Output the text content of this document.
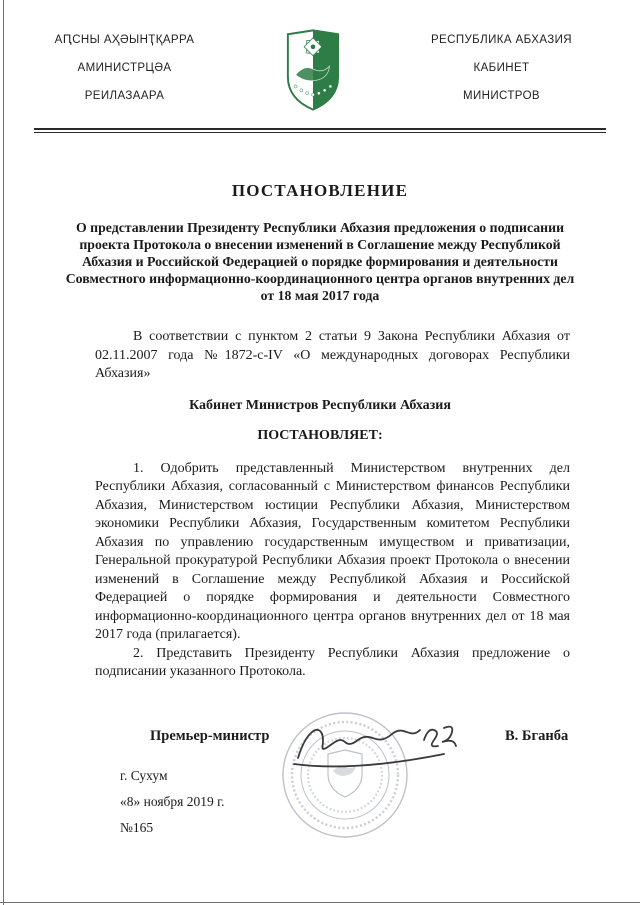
АԤСНЫ АҲӘЫНҬҚАРРА
АМИНИСТРЦӘА
РЕИЛАЗААРА
РЕСПУБЛИКА АБХАЗИЯ
КАБИНЕТ
МИНИСТРОВ
ПОСТАНОВЛЕНИЕ
О представлении Президенту Республики Абхазия предложения о подписании проекта Протокола о внесении изменений в Соглашение между Республикой Абхазия и Российской Федерацией о порядке формирования и деятельности Совместного информационно-координационного центра органов внутренних дел от 18 мая 2017 года

В соответствии с пунктом 2 статьи 9 Закона Республики Абхазия от 02.11.2007 года №1872-с-IV «О международных договорах Республики Абхазия»

Кабинет Министров Республики Абхазия
ПОСТАНОВЛЯЕТ:

1. Одобрить представленный Министерством внутренних дел Республики Абхазия, согласованный с Министерством финансов Республики Абхазия, Министерством юстиции Республики Абхазия, Министерством экономики Республики Абхазия, Государственным комитетом Республики Абхазия по управлению государственным имуществом и приватизации, Генеральной прокуратурой Республики Абхазия проект Протокола о внесении изменений в Соглашение между Республикой Абхазия и Российской Федерацией о порядке формирования и деятельности Совместного информационно-координационного центра органов внутренних дел от 18 мая 2017 года (прилагается).

2. Представить Президенту Республики Абхазия предложение о подписании указанного Протокола.

Премьер-министр	В. Бганба
г. Сухум
«8» ноября 2019 г.
№165
